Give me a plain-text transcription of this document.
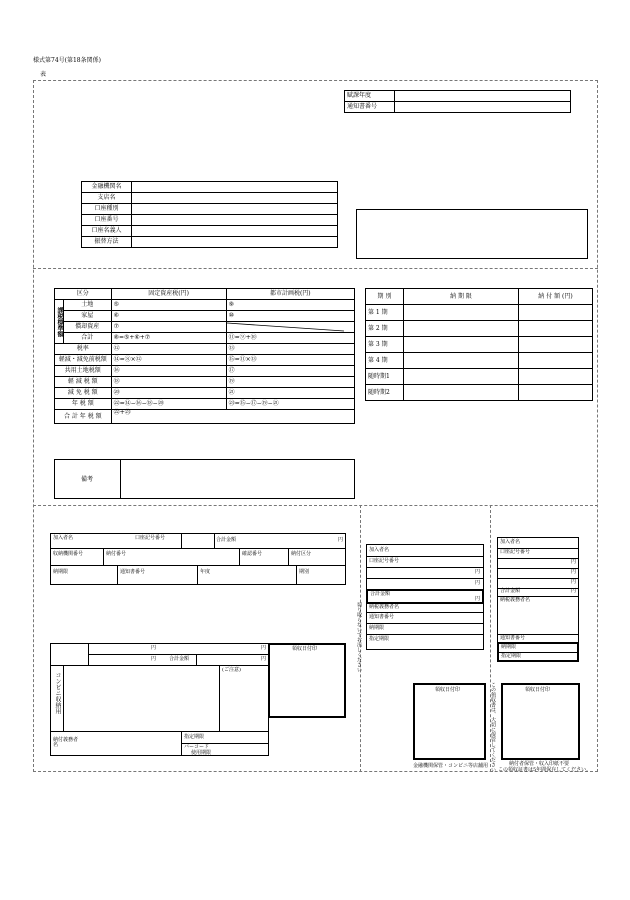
様式第74号(第18条関係)
表
賦課年度	
通知書番号	
金融機関名	
支店名	
口座種別	
口座番号	
口座名義人	
振替方法	
区分		固定資産税(円)	都市計画税(円)

課税標準額	土地	⑤	⑨
	家屋	⑥	⑩
	償却資産	⑦	

	合計	⑧=⑤+⑥+⑦	⑪=⑨+⑩
税率		⑫	⑬
軽減・減免前税額		⑭=⑧×⑫	⑮=⑪×⑬
共用土地税額		⑯	⑰
軽 減 税 額		⑱	⑲
減 免 税 額		⑳	㉑
年 税 額		㉒=⑭−⑯−⑱−⑳	㉓=⑮−⑰−⑲−㉑
合 計 年 税 額		㉒+㉓	
期 別	納 期 限	納 付 額 (円)
第 1 期		
第 2 期		
第 3 期		
第 4 期		
随時期1		
随時期2		
備考
加入者名	口座記号番号	合計金額	円
収納機関番号	納付番号	確認番号	納付区分
納期限	通知書番号	年度	期別
円	円
円	合計金額	円
コンビニ収納用
(ご注意)
納付義務者名
指定期限
バーコード
使用期限
領収日付印
加入者名
口座記号番号
円
円
合計金額
円
納税義務者名
通知書番号
納期限
指定期限
切り取らないでお出しください
領収日付印
金融機関保管・コンビニ等店舗用
加入者名
口座記号番号
円
円
円
合計金額	円
納税義務者名
通知書番号
納期限
指定期限
この領収書は、大切に保管してください	領収日付印
納付者保管・収入印紙不要
この領収証書は5年間保存してください。
